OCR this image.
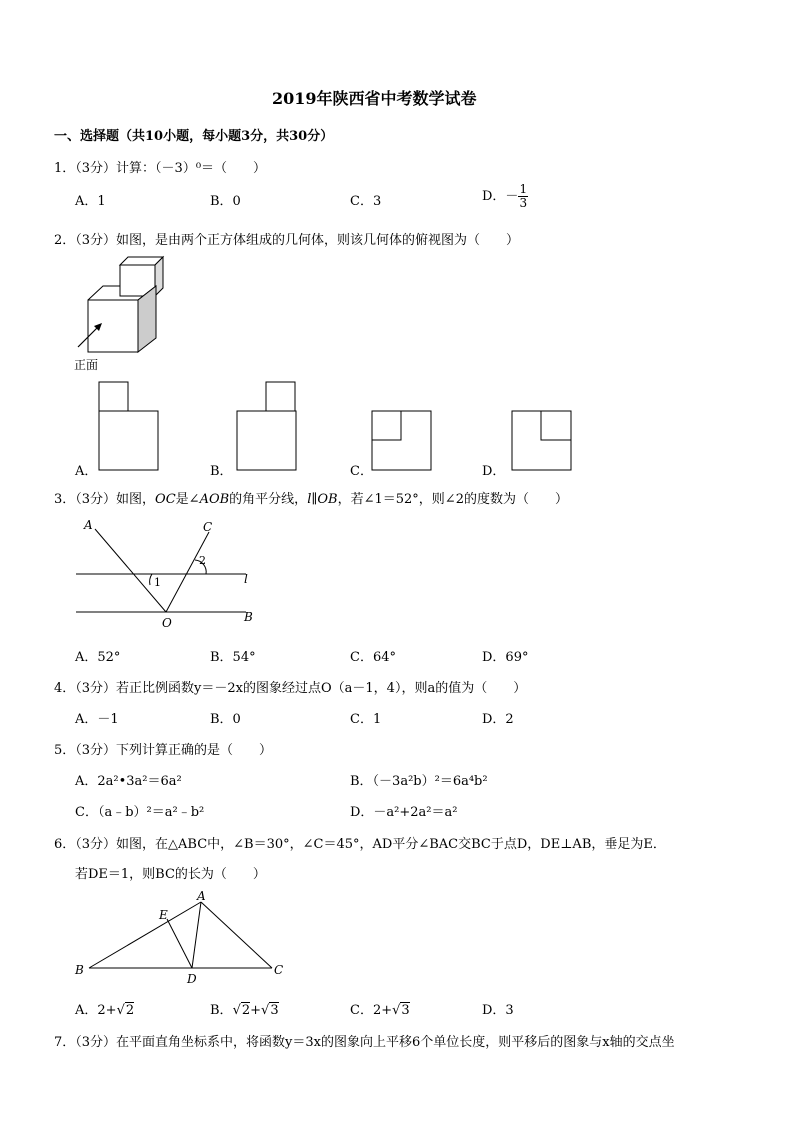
2019年陕西省中考数学试卷
一、选择题（共10小题，每小题3分，共30分）
1．（3分）计算：（－3）⁰＝（　　）
A．1	B．0	C．3	D．－ $\frac{1}{3}$
2．（3分）如图，是由两个正方体组成的几何体，则该几何体的俯视图为（　　）
正面
A．	B．	C．	D．
3．（3分）如图，OC是∠AOB的角平分线，l∥OB，若∠1＝52°，则∠2的度数为（　　）
A	C
2
1	l
B
O
A．52°	B．54°	C．64°	D．69°
4．（3分）若正比例函数y＝－2x的图象经过点O（a－1，4），则a的值为（　　）
A．－1	B．0	C．1	D．2
5．（3分）下列计算正确的是（　　）
A．2a²•3a²＝6a²	B．（－3a²b）²＝6a⁴b²
C．（a﹣b）²＝a²﹣b²	D．－a²+2a²＝a²
6．（3分）如图，在△ABC中，∠B＝30°，∠C＝45°，AD平分∠BAC交BC于点D，DE⊥AB，垂足为E．
若DE＝1，则BC的长为（　　）
A
E
B
D
C
A．2+√2	B．√2+√3	C．2+√3	D．3
7．（3分）在平面直角坐标系中，将函数y＝3x的图象向上平移6个单位长度，则平移后的图象与x轴的交点坐
